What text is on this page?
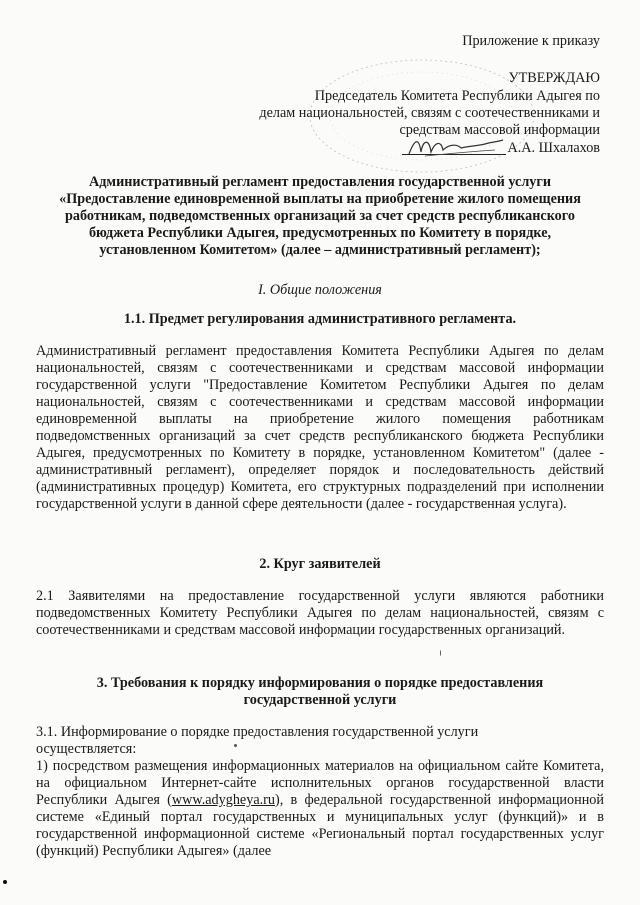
Приложение к приказу
УТВЕРЖДАЮ
Председатель Комитета Республики Адыгея по
делам национальностей, связям с соотечественниками и
средствам массовой информации
А.А. Шхалахов
Административный регламент предоставления государственной услуги
«Предоставление единовременной выплаты на приобретение жилого помещения
работникам, подведомственных организаций за счет средств республиканского
бюджета Республики Адыгея, предусмотренных по Комитету в порядке,
установленном Комитетом» (далее – административный регламент);
I. Общие положения
1.1. Предмет регулирования административного регламента.
Административный регламент предоставления Комитета Республики Адыгея по делам национальностей, связям с соотечественниками и средствам массовой информации государственной услуги "Предоставление Комитетом Республики Адыгея по делам национальностей, связям с соотечественниками и средствам массовой информации единовременной выплаты на приобретение жилого помещения работникам подведомственных организаций за счет средств республиканского бюджета Республики Адыгея, предусмотренных по Комитету в порядке, установленном Комитетом" (далее - административный регламент), определяет порядок и последовательность действий (административных процедур) Комитета, его структурных подразделений при исполнении государственной услуги в данной сфере деятельности (далее - государственная услуга).
2. Круг заявителей
2.1 Заявителями на предоставление государственной услуги являются работники подведомственных Комитету Республики Адыгея по делам национальностей, связям с соотечественниками и средствам массовой информации государственных организаций.
3. Требования к порядку информирования о порядке предоставления
государственной услуги
3.1. Информирование о порядке предоставления государственной услуги
осуществляется:
1) посредством размещения информационных материалов на официальном сайте Комитета, на официальном Интернет-сайте исполнительных органов государственной власти Республики Адыгея (www.adygheya.ru), в федеральной государственной информационной системе «Единый портал государственных и муниципальных услуг (функций)» и в государственной информационной системе «Региональный портал государственных услуг (функций) Республики Адыгея» (далее
